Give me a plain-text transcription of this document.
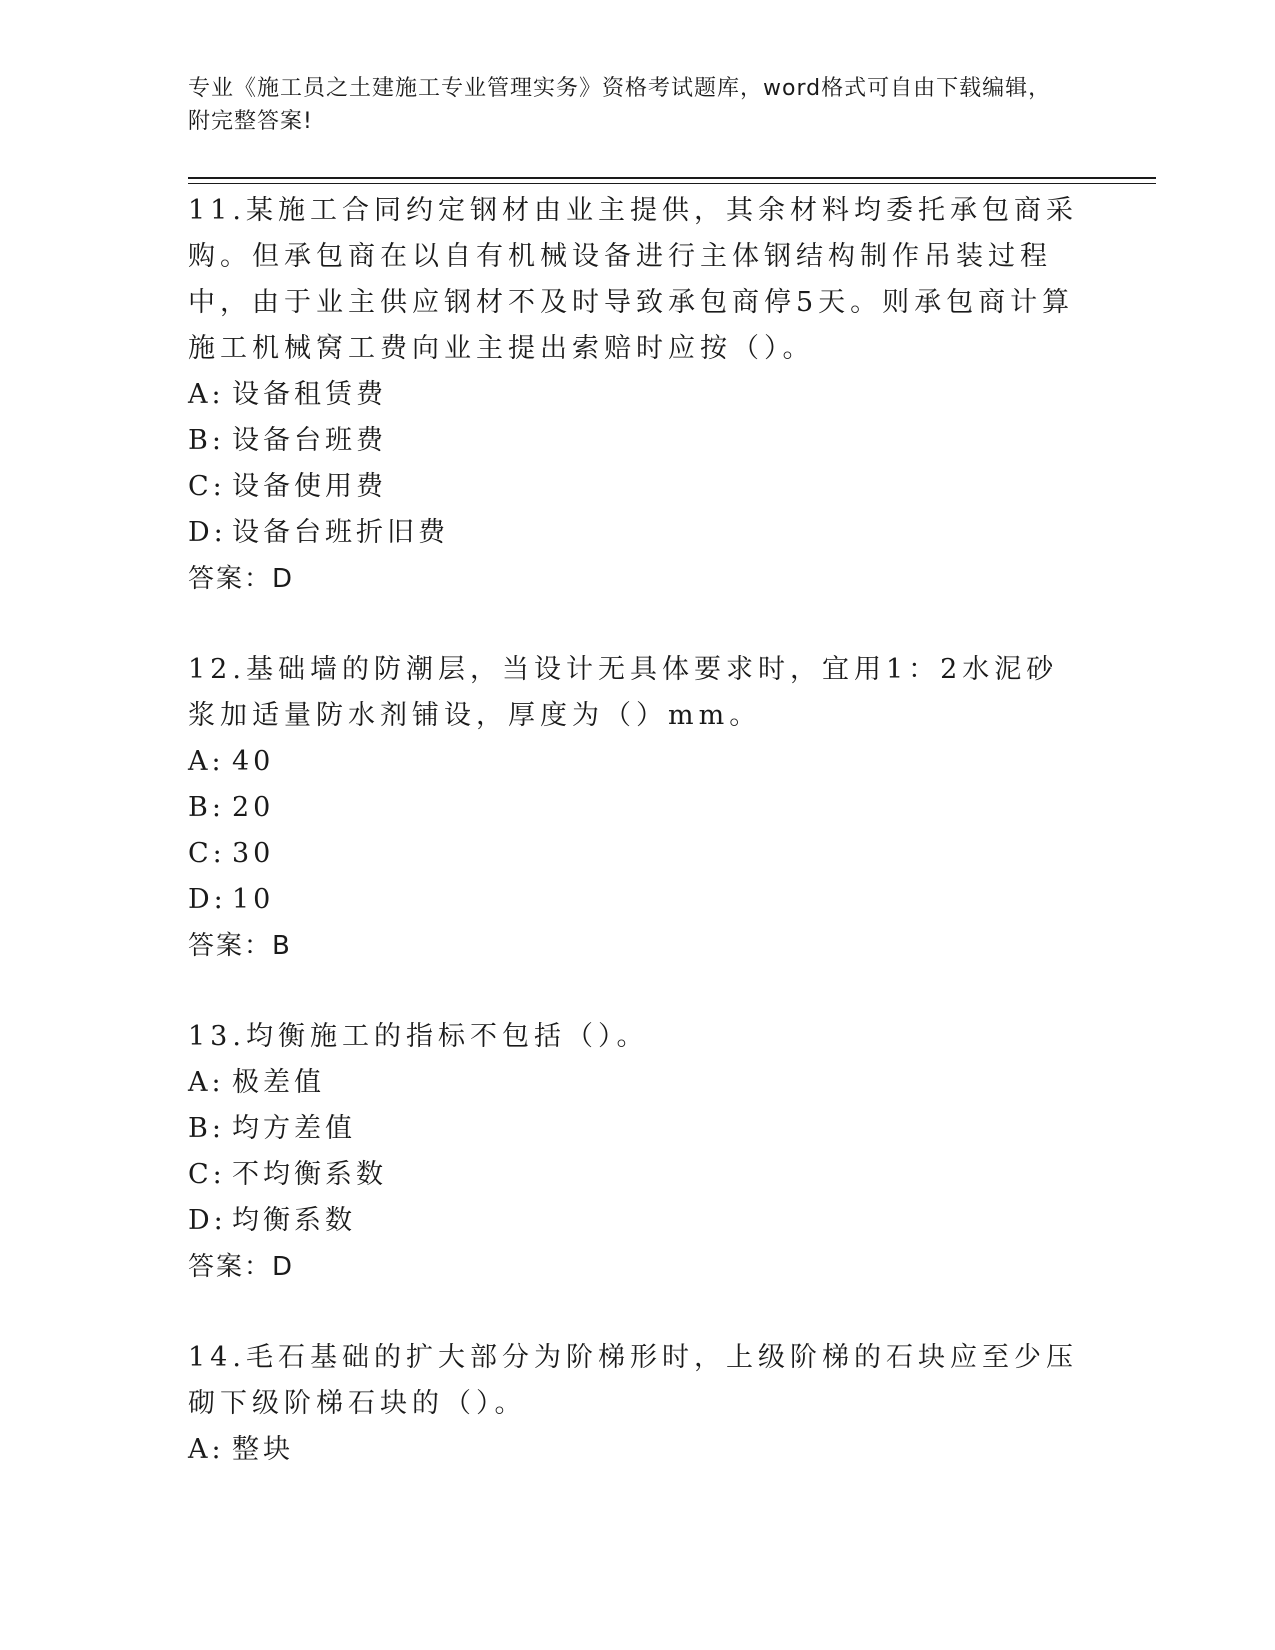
专业《施工员之土建施工专业管理实务》资格考试题库，word格式可自由下载编辑，附完整答案!

11.某施工合同约定钢材由业主提供，其余材料均委托承包商采购。但承包商在以自有机械设备进行主体钢结构制作吊装过程中，由于业主供应钢材不及时导致承包商停5天。则承包商计算施工机械窝工费向业主提出索赔时应按（）。

A: 设备租赁费
B: 设备台班费
C: 设备使用费
D: 设备台班折旧费
答案：D

12.基础墙的防潮层，当设计无具体要求时，宜用1：2水泥砂浆加适量防水剂铺设，厚度为（）mm。

A: 40
B: 20
C: 30
D: 10
答案：B

13.均衡施工的指标不包括（）。

A: 极差值
B: 均方差值
C: 不均衡系数
D: 均衡系数
答案：D

14.毛石基础的扩大部分为阶梯形时，上级阶梯的石块应至少压砌下级阶梯石块的（）。

A: 整块
